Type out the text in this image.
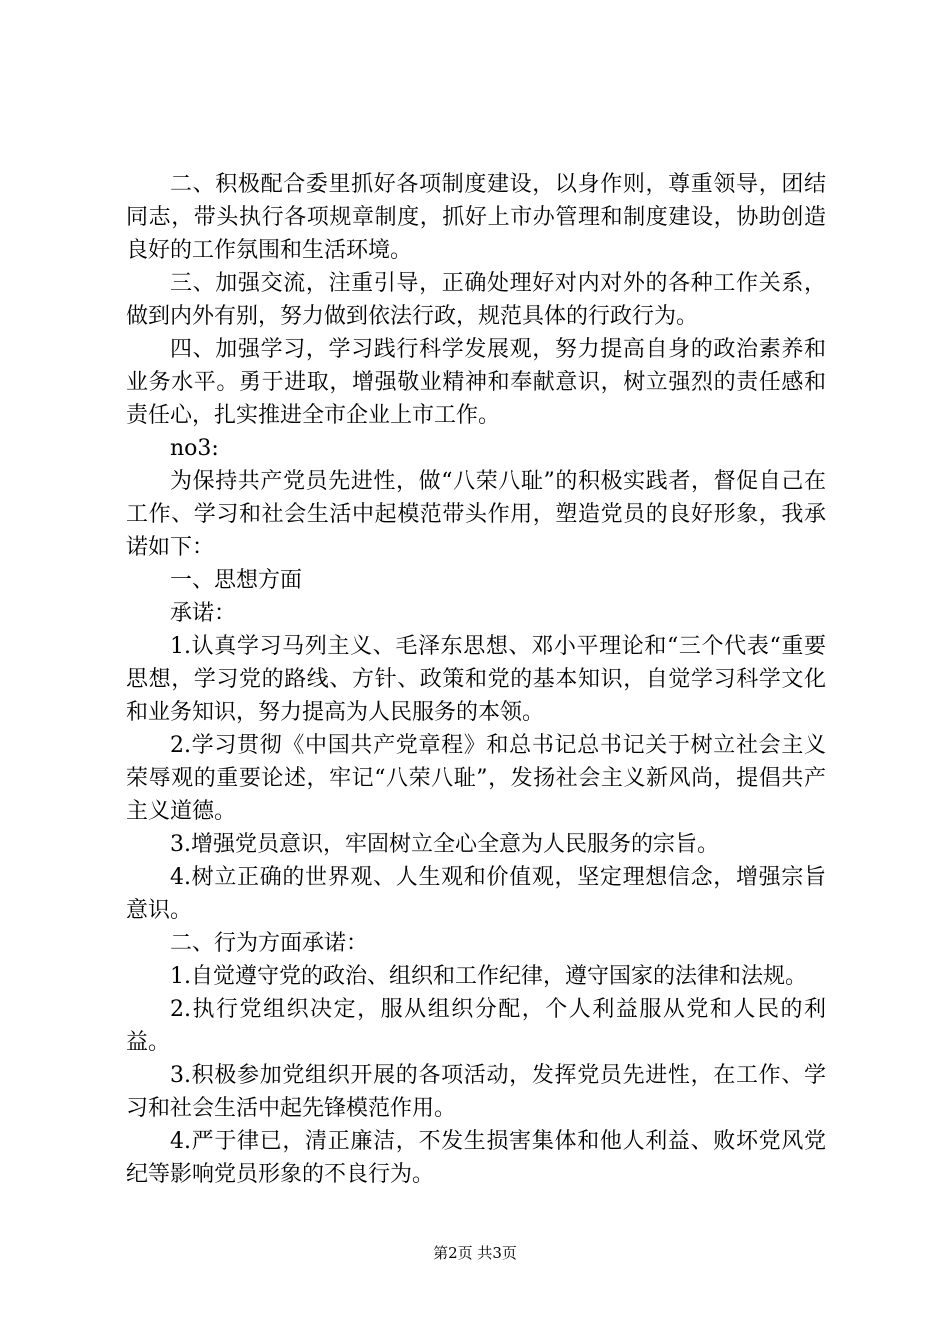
二、积极配合委里抓好各项制度建设，以身作则，尊重领导，团结同志，带头执行各项规章制度，抓好上市办管理和制度建设，协助创造良好的工作氛围和生活环境。

三、加强交流，注重引导，正确处理好对内对外的各种工作关系，做到内外有别，努力做到依法行政，规范具体的行政行为。

四、加强学习，学习践行科学发展观，努力提高自身的政治素养和业务水平。勇于进取，增强敬业精神和奉献意识，树立强烈的责任感和责任心，扎实推进全市企业上市工作。

no3:

为保持共产党员先进性，做“八荣八耻”的积极实践者，督促自己在工作、学习和社会生活中起模范带头作用，塑造党员的良好形象，我承诺如下：

一、思想方面

承诺：

1.认真学习马列主义、毛泽东思想、邓小平理论和“三个代表“重要思想，学习党的路线、方针、政策和党的基本知识，自觉学习科学文化和业务知识，努力提高为人民服务的本领。

2.学习贯彻《中国共产党章程》和总书记总书记关于树立社会主义荣辱观的重要论述，牢记“八荣八耻”，发扬社会主义新风尚，提倡共产主义道德。

3.增强党员意识，牢固树立全心全意为人民服务的宗旨。

4.树立正确的世界观、人生观和价值观，坚定理想信念，增强宗旨意识。

二、行为方面承诺：

1.自觉遵守党的政治、组织和工作纪律，遵守国家的法律和法规。

2.执行党组织决定，服从组织分配，个人利益服从党和人民的利益。

3.积极参加党组织开展的各项活动，发挥党员先进性，在工作、学习和社会生活中起先锋模范作用。

4.严于律已，清正廉洁，不发生损害集体和他人利益、败坏党风党纪等影响党员形象的不良行为。

第2页 共3页
